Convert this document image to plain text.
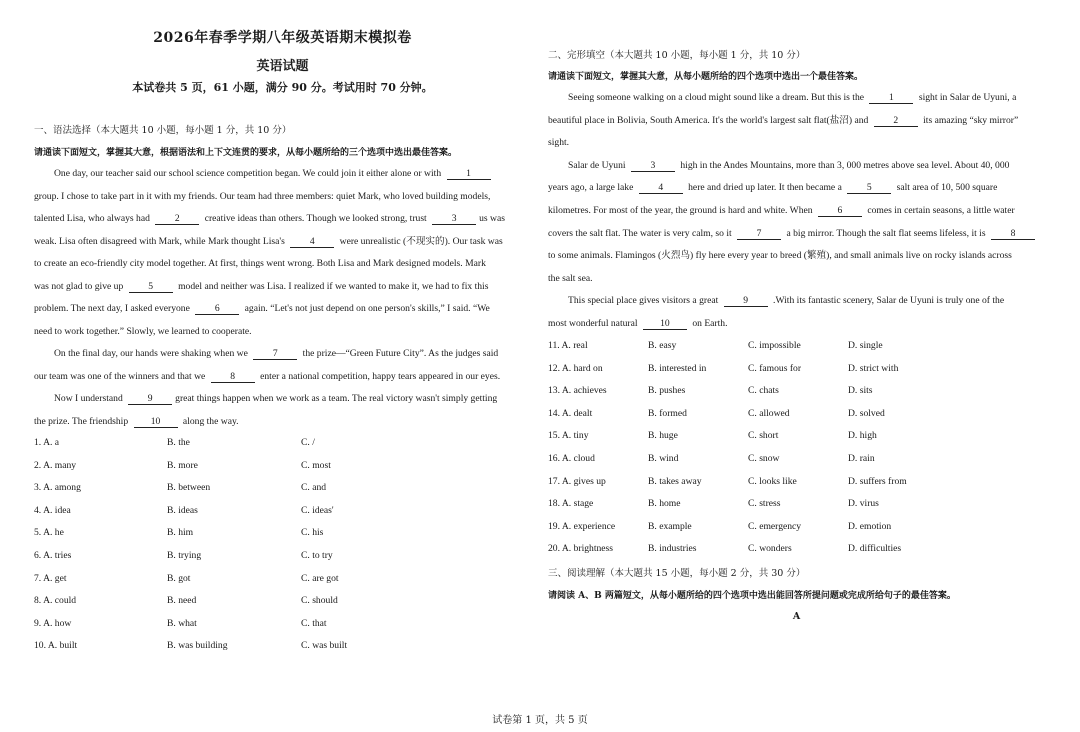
2026年春季学期八年级英语期末模拟卷
英语试题
本试卷共 5 页，61 小题，满分 90 分。考试用时 70 分钟。
一、语法选择（本大题共 10 小题，每小题 1 分，共 10 分）
请通读下面短文，掌握其大意，根据语法和上下文连贯的要求，从每小题所给的三个选项中选出最佳答案。
One day, our teacher said our school science competition began. We could join it either alone or with 1
group. I chose to take part in it with my friends. Our team had three members: quiet Mark, who loved building models,
talented Lisa, who always had 2 creative ideas than others. Though we looked strong, trust 3 us was
weak. Lisa often disagreed with Mark, while Mark thought Lisa's 4 were unrealistic (不现实的). Our task was
to create an eco-friendly city model together. At first, things went wrong. Both Lisa and Mark designed models. Mark
was not glad to give up 5 model and neither was Lisa. I realized if we wanted to make it, we had to fix this
problem. The next day, I asked everyone 6 again. “Let's not just depend on one person's skills,” I said. “We
need to work together.” Slowly, we learned to cooperate.
On the final day, our hands were shaking when we 7 the prize—“Green Future City”. As the judges said
our team was one of the winners and that we 8 enter a national competition, happy tears appeared in our eyes.
Now I understand 9 great things happen when we work as a team. The real victory wasn't simply getting
the prize. The friendship 10 along the way.
1. A. a	B. the	C. /
2. A. many	B. more	C. most
3. A. among	B. between	C. and
4. A. idea	B. ideas	C. ideas'
5. A. he	B. him	C. his
6. A. tries	B. trying	C. to try
7. A. get	B. got	C. are got
8. A. could	B. need	C. should
9. A. how	B. what	C. that
10. A. built	B. was building	C. was built
二、完形填空（本大题共 10 小题，每小题 1 分，共 10 分）
请通读下面短文，掌握其大意，从每小题所给的四个选项中选出一个最佳答案。
Seeing someone walking on a cloud might sound like a dream. But this is the 1 sight in Salar de Uyuni, a
beautiful place in Bolivia, South America. It's the world's largest salt flat(盐沼) and 2 its amazing “sky mirror”
sight.
Salar de Uyuni 3 high in the Andes Mountains, more than 3, 000 metres above sea level. About 40, 000
years ago, a large lake 4 here and dried up later. It then became a 5 salt area of 10, 500 square
kilometres. For most of the year, the ground is hard and white. When 6 comes in certain seasons, a little water
covers the salt flat. The water is very calm, so it 7 a big mirror. Though the salt flat seems lifeless, it is 8
to some animals. Flamingos (火烈鸟) fly here every year to breed (繁殖), and small animals live on rocky islands across
the salt sea.
This special place gives visitors a great 9 .With its fantastic scenery, Salar de Uyuni is truly one of the
most wonderful natural 10 on Earth.
11. A. real	B. easy	C. impossible	D. single
12. A. hard on	B. interested in	C. famous for	D. strict with
13. A. achieves	B. pushes	C. chats	D. sits
14. A. dealt	B. formed	C. allowed	D. solved
15. A. tiny	B. huge	C. short	D. high
16. A. cloud	B. wind	C. snow	D. rain
17. A. gives up	B. takes away	C. looks like	D. suffers from
18. A. stage	B. home	C. stress	D. virus
19. A. experience	B. example	C. emergency	D. emotion
20. A. brightness	B. industries	C. wonders	D. difficulties
三、阅读理解（本大题共 15 小题，每小题 2 分，共 30 分）
请阅读 A、B 两篇短文，从每小题所给的四个选项中选出能回答所提问题或完成所给句子的最佳答案。
A
试卷第 1 页，共 5 页
